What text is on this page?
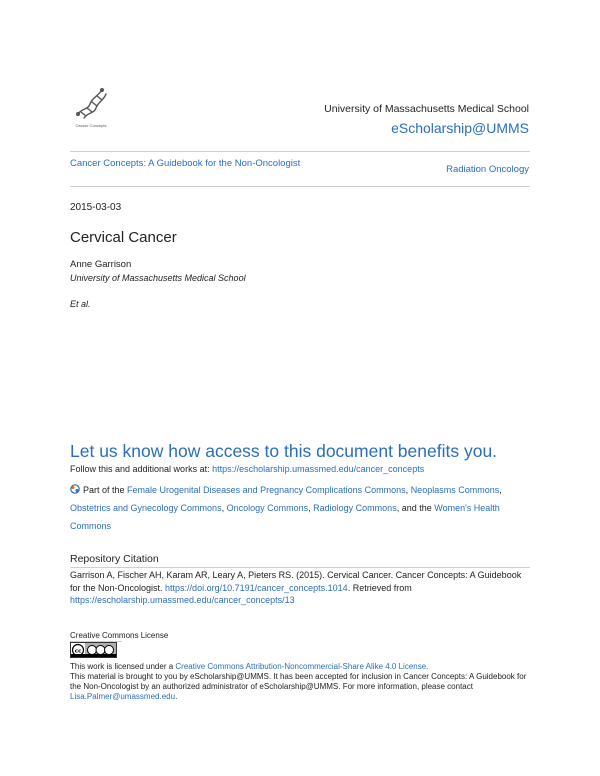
Cancer Concepts
University of Massachusetts Medical School
eScholarship@UMMS
Cancer Concepts: A Guidebook for the Non-Oncologist
Radiation Oncology
2015-03-03
Cervical Cancer
Anne Garrison
University of Massachusetts Medical School
Et al.
Let us know how access to this document benefits you.
Follow this and additional works at: https://escholarship.umassmed.edu/cancer_concepts
Part of the Female Urogenital Diseases and Pregnancy Complications Commons, Neoplasms Commons, Obstetrics and Gynecology Commons, Oncology Commons, Radiology Commons, and the Women's Health Commons
Repository Citation
Garrison A, Fischer AH, Karam AR, Leary A, Pieters RS. (2015). Cervical Cancer. Cancer Concepts: A Guidebook for the Non-Oncologist. https://doi.org/10.7191/cancer_concepts.1014. Retrieved from https://escholarship.umassmed.edu/cancer_concepts/13
Creative Commons License
cc
This work is licensed under a Creative Commons Attribution-Noncommercial-Share Alike 4.0 License.
This material is brought to you by eScholarship@UMMS. It has been accepted for inclusion in Cancer Concepts: A Guidebook for the Non-Oncologist by an authorized administrator of eScholarship@UMMS. For more information, please contact Lisa.Palmer@umassmed.edu.
